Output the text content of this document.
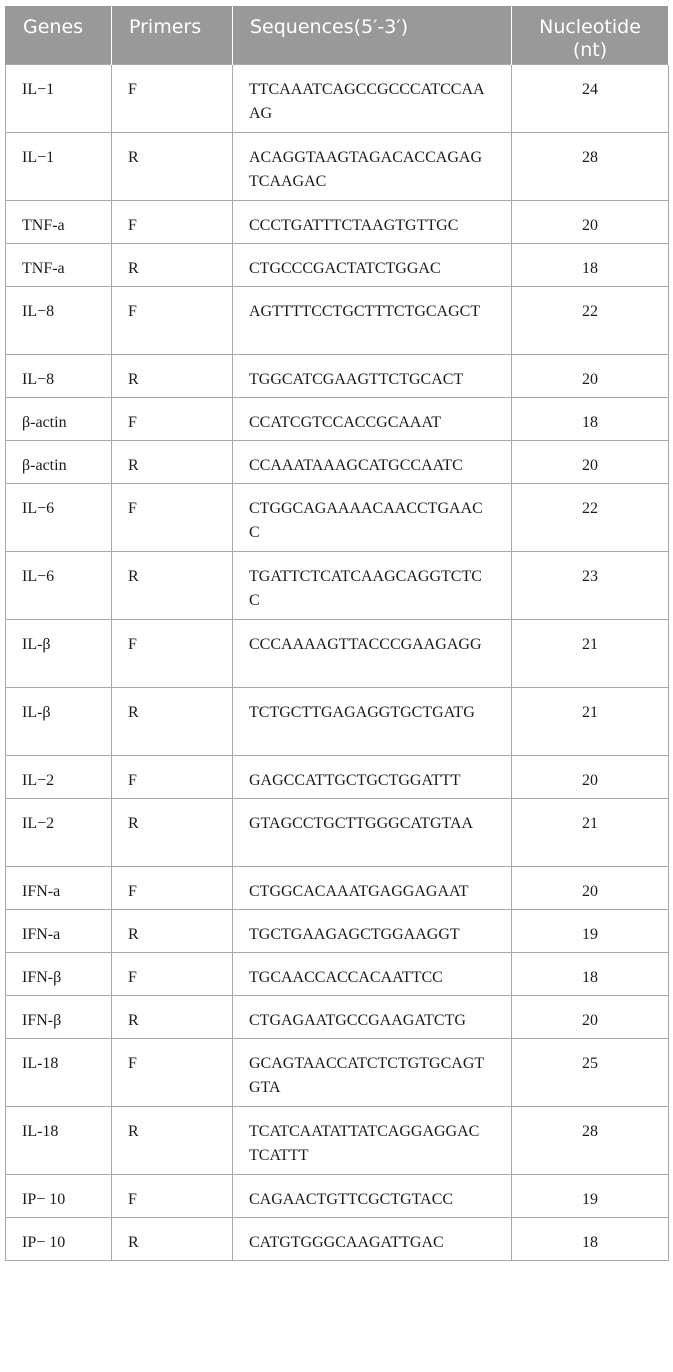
Genes	Primers	Sequences(5′-3′)	Nucleotide
(nt)
IL−1	F	TTCAAATCAGCCGCCCATCCAAAG	24
IL−1	R	ACAGGTAAGTAGACACCAGAGTCAAGAC	28
TNF-a	F	CCCTGATTTCTAAGTGTTGC	20
TNF-a	R	CTGCCCGACTATCTGGAC	18
IL−8	F	AGTTTTCCTGCTTTCTGCAGCT	22
IL−8	R	TGGCATCGAAGTTCTGCACT	20
β-actin	F	CCATCGTCCACCGCAAAT	18
β-actin	R	CCAAATAAAGCATGCCAATC	20
IL−6	F	CTGGCAGAAAACAACCTGAACC	22
IL−6	R	TGATTCTCATCAAGCAGGTCTCC	23
IL-β	F	CCCAAAAGTTACCCGAAGAGG	21
IL-β	R	TCTGCTTGAGAGGTGCTGATG	21
IL−2	F	GAGCCATTGCTGCTGGATTT	20
IL−2	R	GTAGCCTGCTTGGGCATGTAA	21
IFN-a	F	CTGGCACAAATGAGGAGAAT	20
IFN-a	R	TGCTGAAGAGCTGGAAGGT	19
IFN-β	F	TGCAACCACCACAATTCC	18
IFN-β	R	CTGAGAATGCCGAAGATCTG	20
IL-18	F	GCAGTAACCATCTCTGTGCAGTGTA	25
IL-18	R	TCATCAATATTATCAGGAGGACTCATTT	28
IP− 10	F	CAGAACTGTTCGCTGTACC	19
IP− 10	R	CATGTGGGCAAGATTGAC	18
